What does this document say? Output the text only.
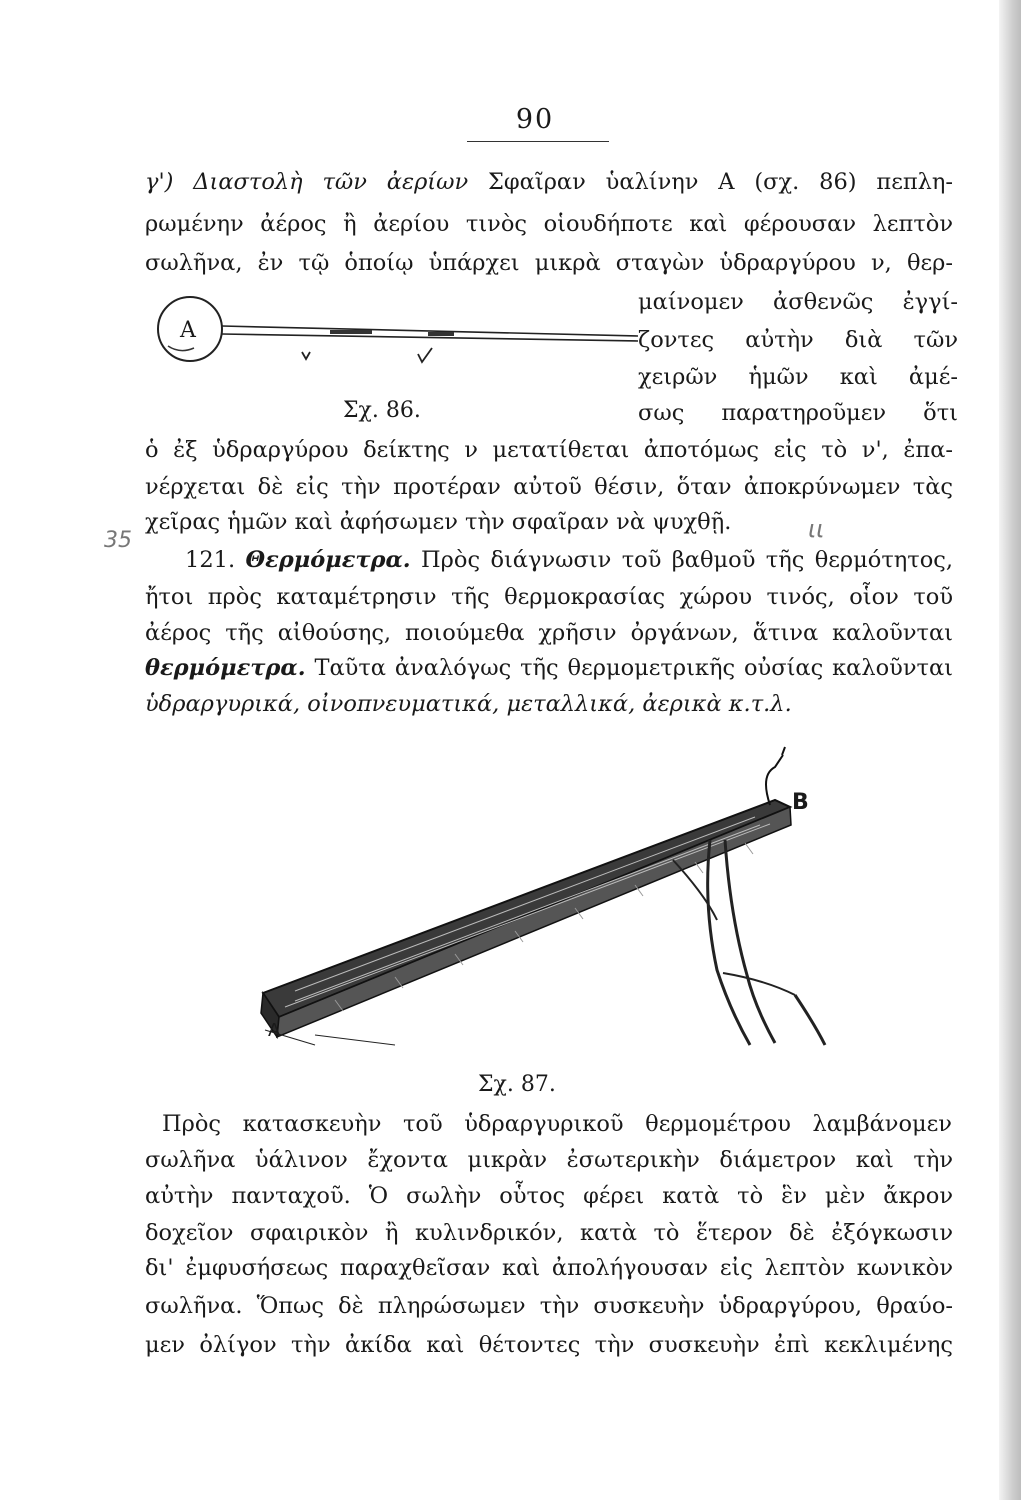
90
γ') Διαστολὴ τῶν ἀερίων Σφαῖραν ὑαλίνην Α (σχ. 86) πεπλη-
ρωμένην ἀέρος ἢ ἀερίου τινὸς οἱουδήποτε καὶ φέρουσαν λεπτὸν
σωλῆνα, ἐν τῷ ὁποίῳ ὑπάρχει μικρὰ σταγὼν ὑδραργύρου ν, θερ-
μαίνομεν ἀσθενῶς ἐγγί-
ζοντες αὐτὴν διὰ τῶν
χειρῶν ἡμῶν καὶ ἀμέ-
σως παρατηροῦμεν ὅτι
ὁ ἐξ ὑδραργύρου δείκτης ν μετατίθεται ἀποτόμως εἰς τὸ ν', ἐπα-
νέρχεται δὲ εἰς τὴν προτέραν αὐτοῦ θέσιν, ὅταν ἀποκρύνωμεν τὰς
χεῖρας ἡμῶν καὶ ἀφήσωμεν τὴν σφαῖραν νὰ ψυχθῇ.
A
Σχ. 86.
35	ιι
121. Θερμόμετρα. Πρὸς διάγνωσιν τοῦ βαθμοῦ τῆς θερμότητος,
ἤτοι πρὸς καταμέτρησιν τῆς θερμοκρασίας χώρου τινός, οἷον τοῦ
ἀέρος τῆς αἰθούσης, ποιούμεθα χρῆσιν ὀργάνων, ἅτινα καλοῦνται
θερμόμετρα. Ταῦτα ἀναλόγως τῆς θερμομετρικῆς οὐσίας καλοῦνται
ὑδραργυρικά, οἰνοπνευματικά, μεταλλικά, ἀερικὰ κ.τ.λ.
A
B
Σχ. 87.
Πρὸς κατασκευὴν τοῦ ὑδραργυρικοῦ θερμομέτρου λαμβάνομεν
σωλῆνα ὑάλινον ἔχοντα μικρὰν ἐσωτερικὴν διάμετρον καὶ τὴν
αὐτὴν πανταχοῦ. Ὁ σωλὴν οὗτος φέρει κατὰ τὸ ἓν μὲν ἄκρον
δοχεῖον σφαιρικὸν ἢ κυλινδρικόν, κατὰ τὸ ἕτερον δὲ ἐξόγκωσιν
δι' ἐμφυσήσεως παραχθεῖσαν καὶ ἀπολήγουσαν εἰς λεπτὸν κωνικὸν
σωλῆνα. Ὅπως δὲ πληρώσωμεν τὴν συσκευὴν ὑδραργύρου, θραύο-
μεν ὀλίγον τὴν ἀκίδα καὶ θέτοντες τὴν συσκευὴν ἐπὶ κεκλιμένης
